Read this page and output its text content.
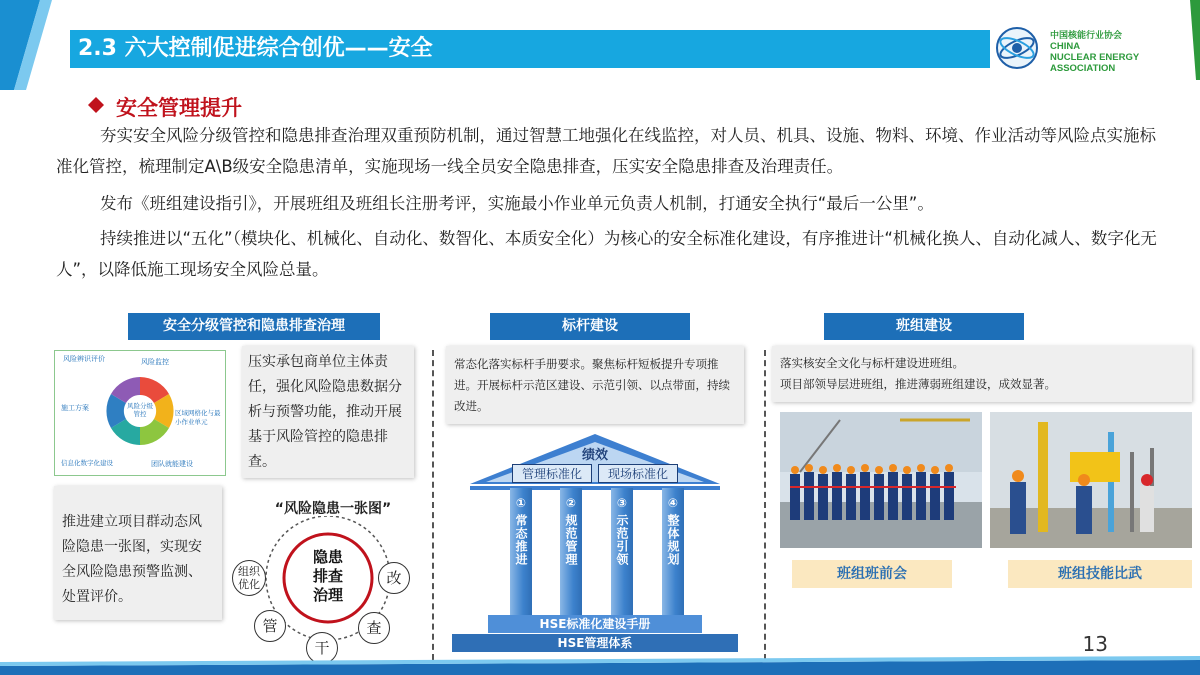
2.3 六大控制促进综合创优——安全
中国核能行业协会
CHINA
NUCLEAR ENERGY
ASSOCIATION
安全管理提升
夯实安全风险分级管控和隐患排查治理双重预防机制，通过智慧工地强化在线监控，对人员、机具、设施、物料、环境、作业活动等风险点实施标准化管控，梳理制定A\B级安全隐患清单，实施现场一线全员安全隐患排查，压实安全隐患排查及治理责任。
发布《班组建设指引》，开展班组及班组长注册考评，实施最小作业单元负责人机制，打通安全执行“最后一公里”。
持续推进以“五化”（模块化、机械化、自动化、数智化、本质安全化）为核心的安全标准化建设，有序推进计“机械化换人、自动化减人、数字化无人”，以降低施工现场安全风险总量。
安全分级管控和隐患排查治理
风险分级管控
风险辨识评价	风险监控
区域网格化与最小作业单元
团队就能建设
信息化数字化建设
施工方案
压实承包商单位主体责任，强化风险隐患数据分析与预警功能，推动开展基于风险管控的隐患排查。
推进建立项目群动态风险隐患一张图，实现安全风险隐患预警监测、处置评价。
“风险隐患一张图”
隐患
排查
治理
组织优化	改
查
干
管
标杆建设
常态化落实标杆手册要求。聚焦标杆短板提升专项推进。开展标杆示范区建设、示范引领、以点带面，持续改进。
绩效
管理标准化	现场标准化
①
常态推进
②
规范管理
③
示范引领
④
整体规划
HSE标准化建设手册
HSE管理体系
班组建设
落实核安全文化与标杆建设进班组。
项目部领导层进班组，推进薄弱班组建设，成效显著。
班组班前会	班组技能比武
13
